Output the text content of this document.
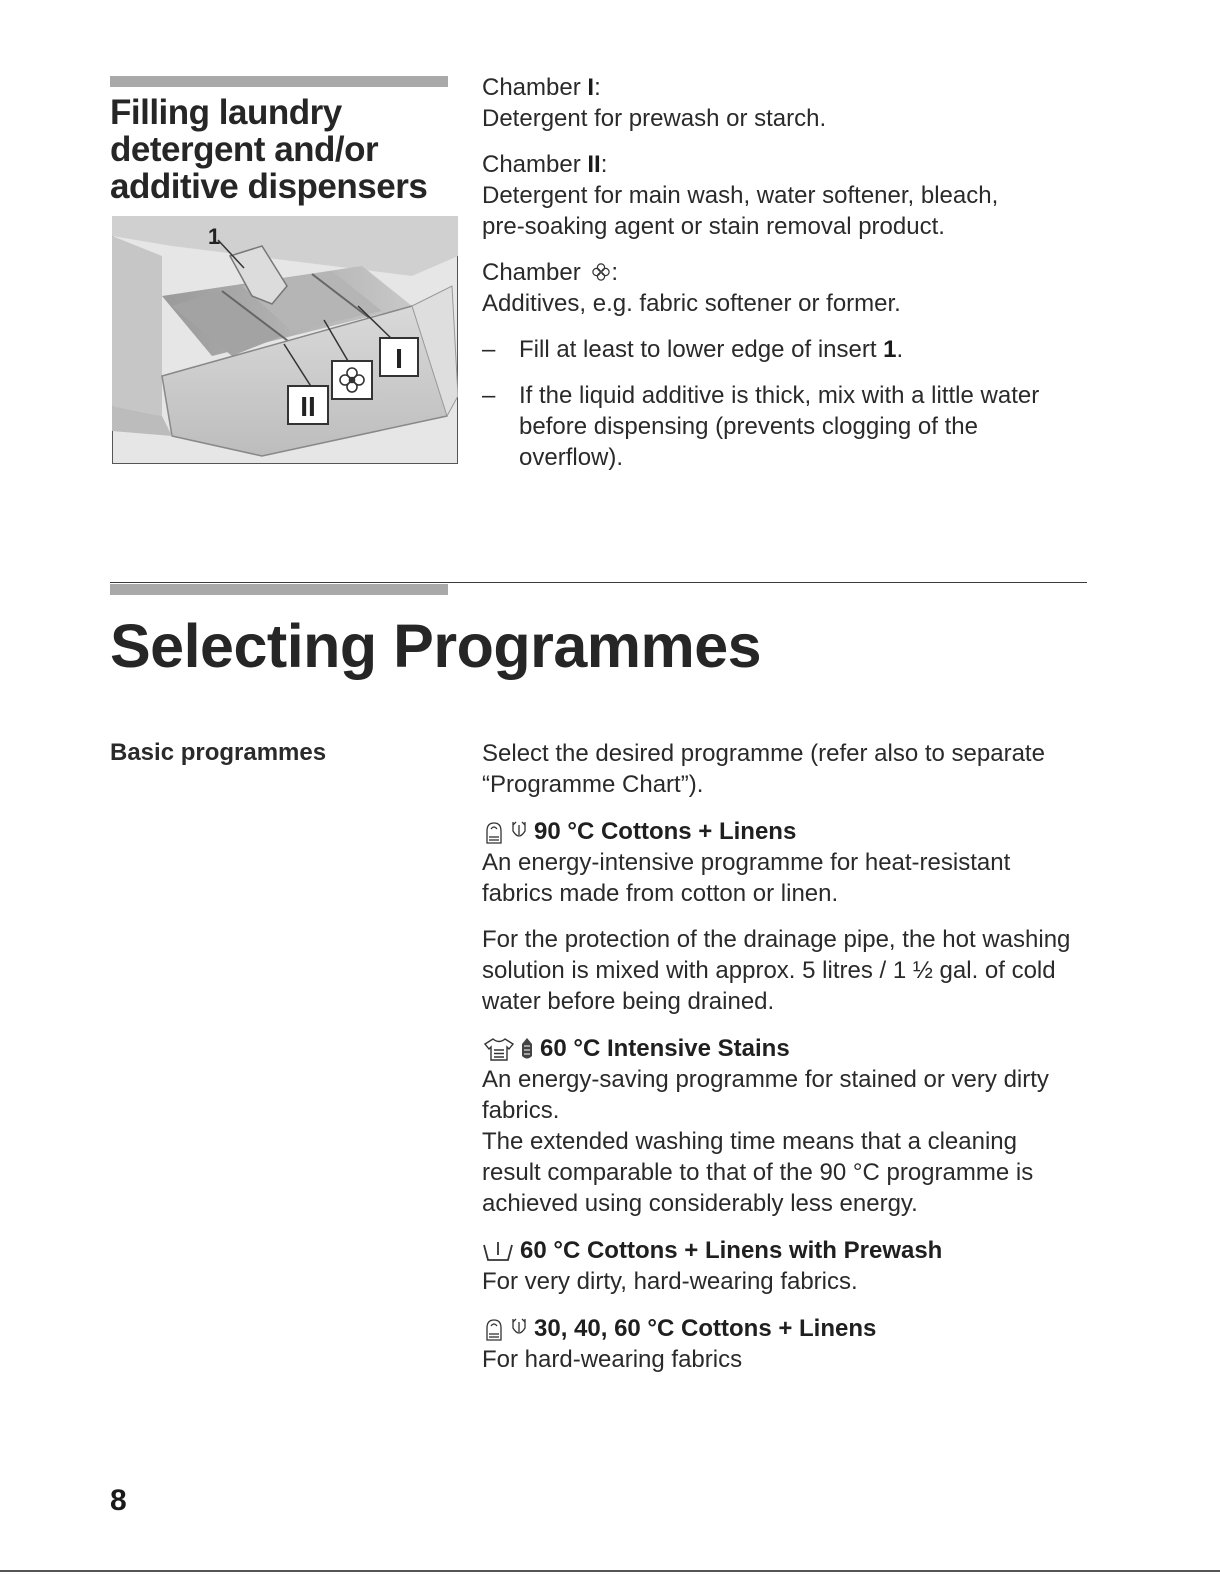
Filling laundry
detergent and/or
additive dispensers
1
II
I

Chamber I:

Detergent for prewash or starch.

Chamber II:

Detergent for main wash, water softener, bleach, pre-soaking agent or stain removal product.

Chamber :

Additives, e.g. fabric softener or former.

– Fill at least to lower edge of insert 1.

– If the liquid additive is thick, mix with a little water before dispensing (prevents clogging of the overflow).

Selecting Programmes
Basic programmes	Select the desired programme (refer also to separate “Programme Chart”).

90 °C Cottons + Linens

An energy-intensive programme for heat-resistant fabrics made from cotton or linen.

For the protection of the drainage pipe, the hot washing solution is mixed with approx. 5 litres / 1 ½ gal. of cold water before being drained.

60 °C Intensive Stains

An energy-saving programme for stained or very dirty fabrics.

The extended washing time means that a cleaning result comparable to that of the 90 °C programme is achieved using considerably less energy.

60 °C Cottons + Linens with Prewash

For very dirty, hard-wearing fabrics.

30, 40, 60 °C Cottons + Linens

For hard-wearing fabrics

8
